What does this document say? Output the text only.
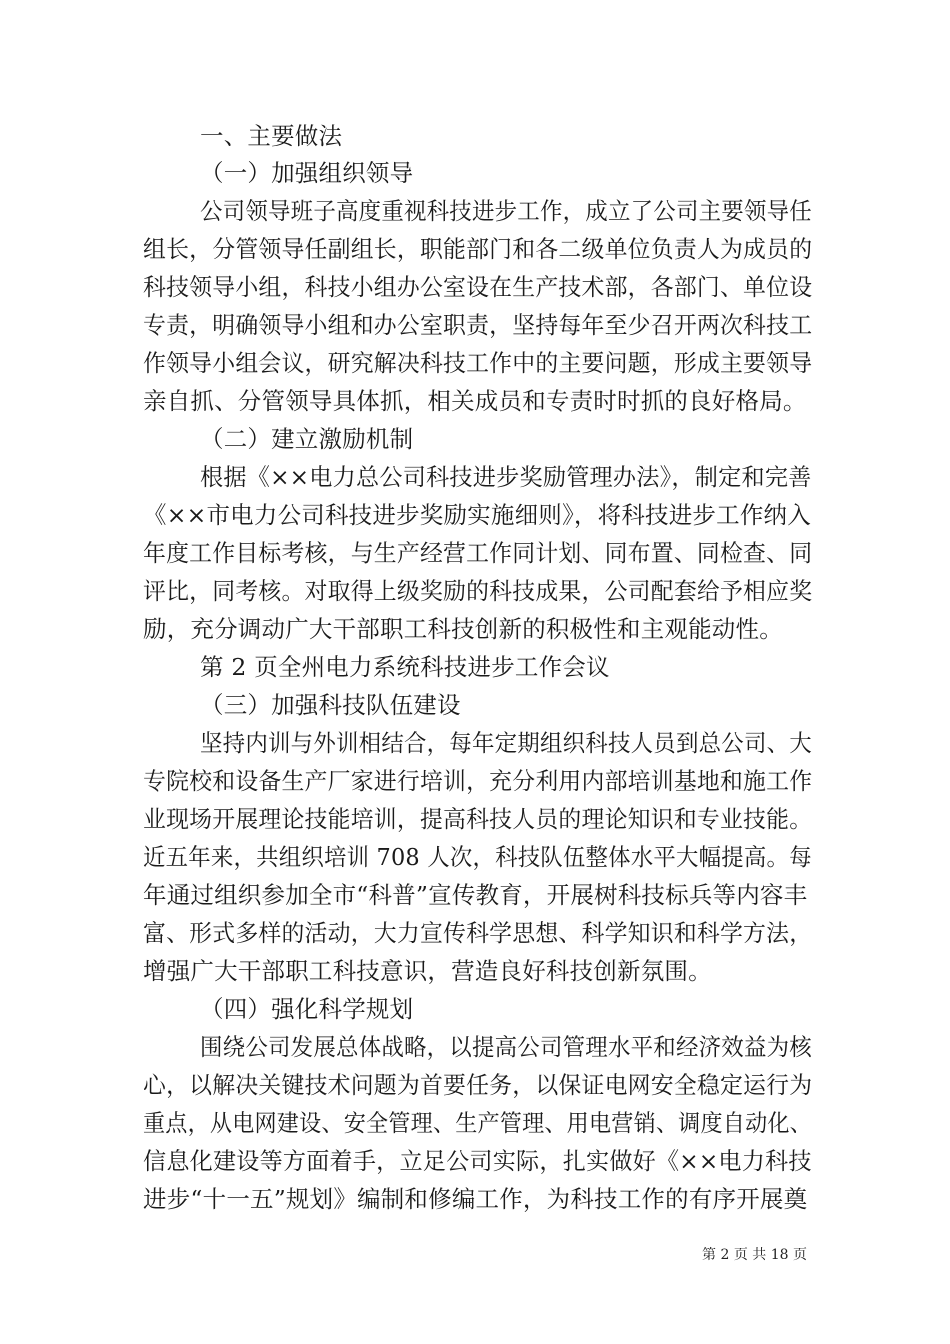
一、主要做法
（一）加强组织领导
公司领导班子高度重视科技进步工作，成立了公司主要领导任
组长，分管领导任副组长，职能部门和各二级单位负责人为成员的
科技领导小组，科技小组办公室设在生产技术部，各部门、单位设
专责，明确领导小组和办公室职责，坚持每年至少召开两次科技工
作领导小组会议，研究解决科技工作中的主要问题，形成主要领导
亲自抓、分管领导具体抓，相关成员和专责时时抓的良好格局。
（二）建立激励机制
根据《××电力总公司科技进步奖励管理办法》，制定和完善
《××市电力公司科技进步奖励实施细则》，将科技进步工作纳入
年度工作目标考核，与生产经营工作同计划、同布置、同检查、同
评比，同考核。对取得上级奖励的科技成果，公司配套给予相应奖
励，充分调动广大干部职工科技创新的积极性和主观能动性。
第 2 页全州电力系统科技进步工作会议
（三）加强科技队伍建设
坚持内训与外训相结合，每年定期组织科技人员到总公司、大
专院校和设备生产厂家进行培训，充分利用内部培训基地和施工作
业现场开展理论技能培训，提高科技人员的理论知识和专业技能。
近五年来，共组织培训 708 人次，科技队伍整体水平大幅提高。每
年通过组织参加全市“科普”宣传教育，开展树科技标兵等内容丰
富、形式多样的活动，大力宣传科学思想、科学知识和科学方法，
增强广大干部职工科技意识，营造良好科技创新氛围。
（四）强化科学规划
围绕公司发展总体战略，以提高公司管理水平和经济效益为核
心，以解决关键技术问题为首要任务，以保证电网安全稳定运行为
重点，从电网建设、安全管理、生产管理、用电营销、调度自动化、
信息化建设等方面着手，立足公司实际，扎实做好《××电力科技
进步“十一五”规划》编制和修编工作，为科技工作的有序开展奠
第 2 页 共 18 页
